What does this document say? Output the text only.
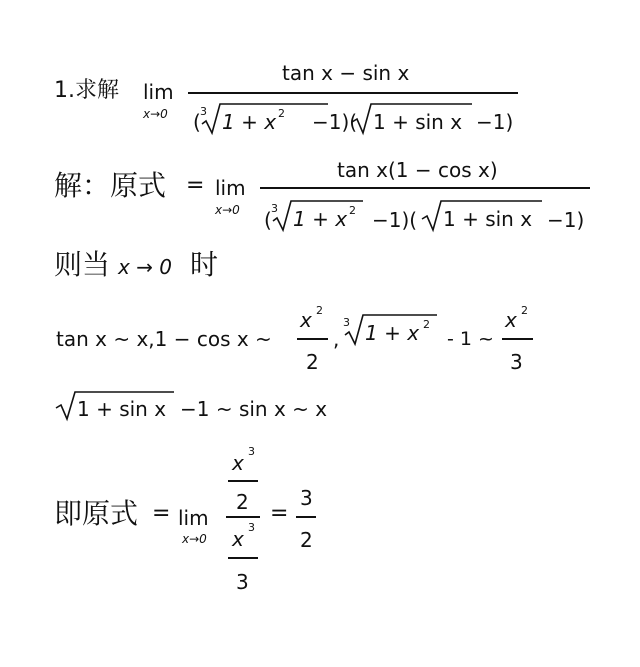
1.求解 lim
x→0
tan x − sin x
( 3 1 + x 2 −1)( 1 + sin x −1)
解：原式 = lim
x→0
tan x(1 − cos x)
( 3 1 + x 2 −1)( 1 + sin x −1)
则当 x → 0 时
tan x ~ x,1 − cos x ~
x 2
2
,
3 1 + x 2
- 1 ~
x 2
3
1 + sin x −1 ~ sin x ~ x
即原式 = lim
x→0
x 3
2
x 3
3
=
3
2
